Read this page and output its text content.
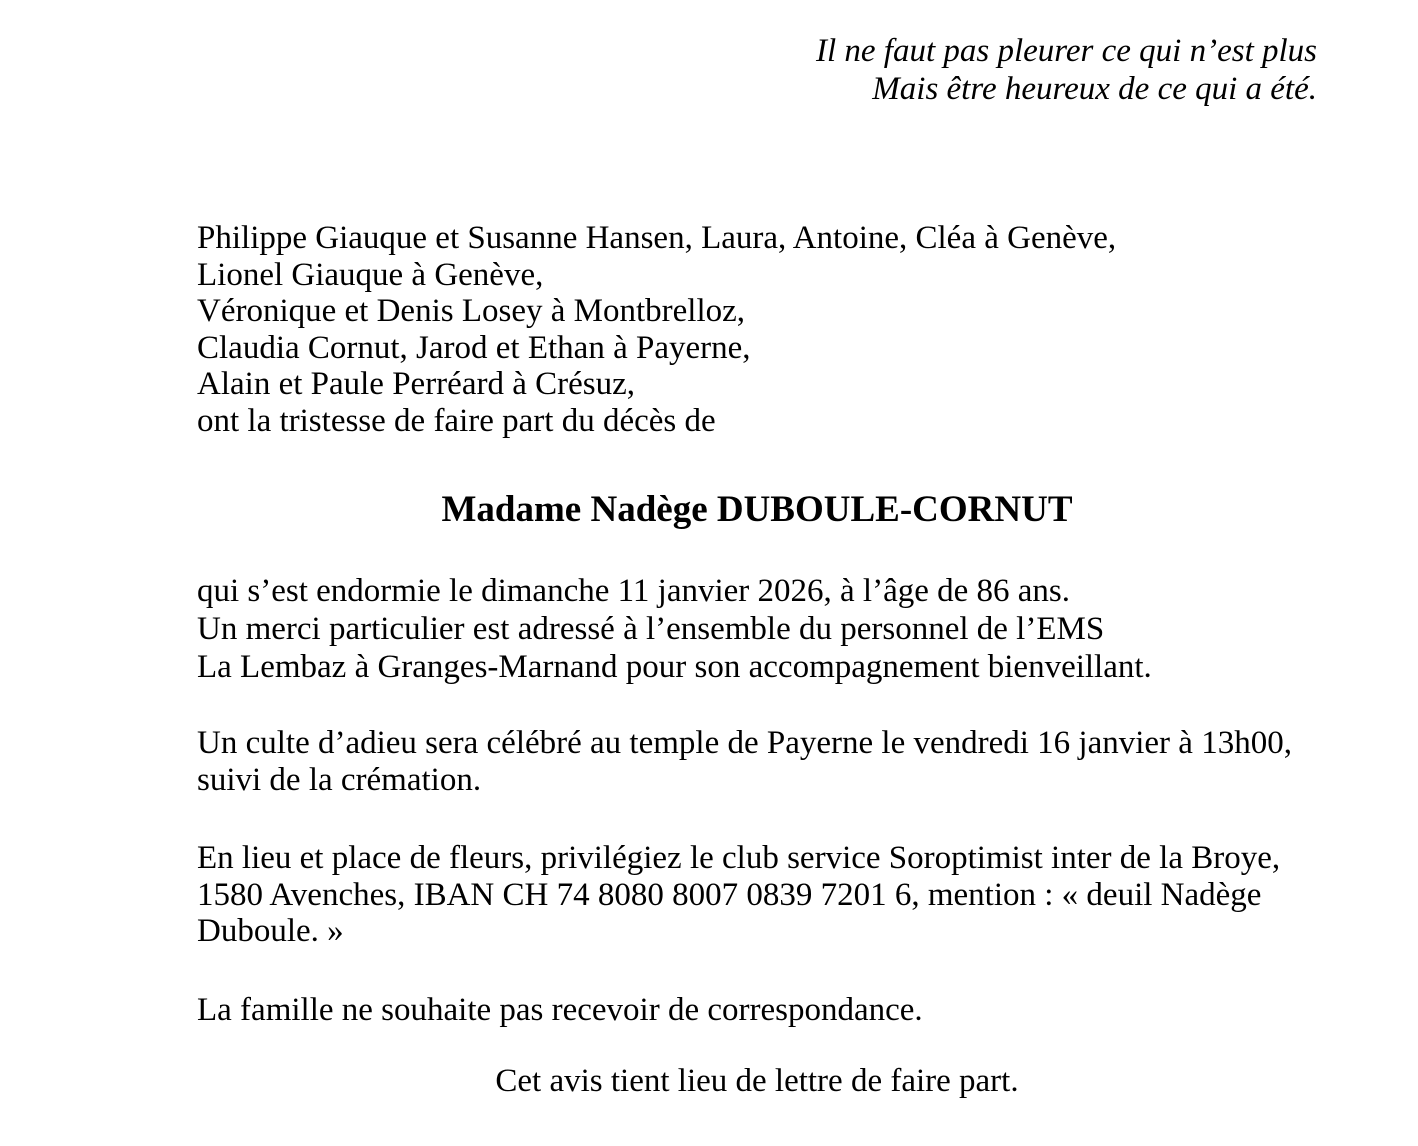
Il ne faut pas pleurer ce qui n’est plus
Mais être heureux de ce qui a été.
Philippe Giauque et Susanne Hansen, Laura, Antoine, Cléa à Genève,
Lionel Giauque à Genève,
Véronique et Denis Losey à Montbrelloz,
Claudia Cornut, Jarod et Ethan à Payerne,
Alain et Paule Perréard à Crésuz,
ont la tristesse de faire part du décès de
Madame Nadège DUBOULE-CORNUT
qui s’est endormie le dimanche 11 janvier 2026, à l’âge de 86 ans.
Un merci particulier est adressé à l’ensemble du personnel de l’EMS
La Lembaz à Granges-Marnand pour son accompagnement bienveillant.
Un culte d’adieu sera célébré au temple de Payerne le vendredi 16 janvier à 13h00,
suivi de la crémation.
En lieu et place de fleurs, privilégiez le club service Soroptimist inter de la Broye,
1580 Avenches, IBAN CH 74 8080 8007 0839 7201 6, mention : « deuil Nadège
Duboule. »
La famille ne souhaite pas recevoir de correspondance.
Cet avis tient lieu de lettre de faire part.
